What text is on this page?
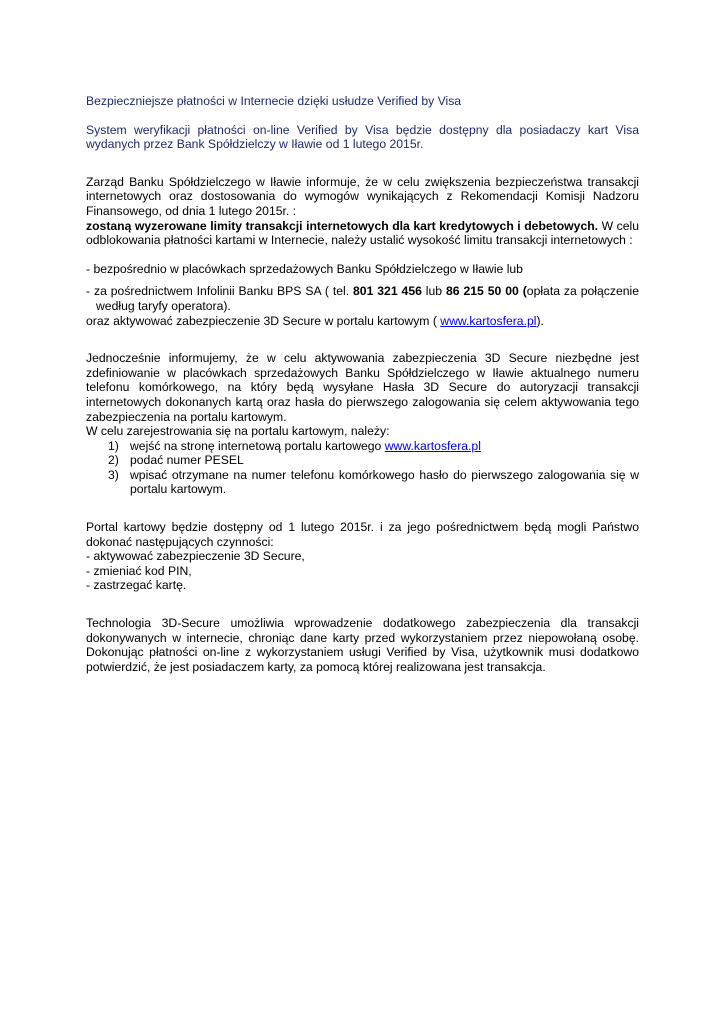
Bezpieczniejsze płatności w Internecie dzięki usłudze Verified by Visa

System weryfikacji płatności on-line Verified by Visa będzie dostępny dla posiadaczy kart Visa wydanych przez Bank Spółdzielczy w Iławie od 1 lutego 2015r.

Zarząd Banku Spółdzielczego w Iławie informuje, że w celu zwiększenia bezpieczeństwa transakcji internetowych oraz dostosowania do wymogów wynikających z Rekomendacji Komisji Nadzoru Finansowego, od dnia 1 lutego 2015r. :
zostaną wyzerowane limity transakcji internetowych dla kart kredytowych i debetowych. W celu odblokowania płatności kartami w Internecie, należy ustalić wysokość limitu transakcji internetowych :

- bezpośrednio w placówkach sprzedażowych Banku Spółdzielczego w Iławie lub

- za pośrednictwem Infolinii Banku BPS SA ( tel. 801 321 456 lub 86 215 50 00 (opłata za połączenie według taryfy operatora).

oraz aktywować zabezpieczenie 3D Secure w portalu kartowym ( www.kartosfera.pl).

Jednocześnie informujemy, że w celu aktywowania zabezpieczenia 3D Secure niezbędne jest zdefiniowanie w placówkach sprzedażowych Banku Spółdzielczego w Iławie aktualnego numeru telefonu komórkowego, na który będą wysyłane Hasła 3D Secure do autoryzacji transakcji internetowych dokonanych kartą oraz hasła do pierwszego zalogowania się celem aktywowania tego zabezpieczenia na portalu kartowym.

W celu zarejestrowania się na portalu kartowym, należy:

1) wejść na stronę internetową portalu kartowego www.kartosfera.pl
2) podać numer PESEL
3) wpisać otrzymane na numer telefonu komórkowego hasło do pierwszego zalogowania się w portalu kartowym.

Portal kartowy będzie dostępny od 1 lutego 2015r. i za jego pośrednictwem będą mogli Państwo dokonać następujących czynności:

- aktywować zabezpieczenie 3D Secure,
- zmieniać kod PIN,
- zastrzegać kartę.

Technologia 3D-Secure umożliwia wprowadzenie dodatkowego zabezpieczenia dla transakcji dokonywanych w internecie, chroniąc dane karty przed wykorzystaniem przez niepowołaną osobę. Dokonując płatności on-line z wykorzystaniem usługi Verified by Visa, użytkownik musi dodatkowo potwierdzić, że jest posiadaczem karty, za pomocą której realizowana jest transakcja.
